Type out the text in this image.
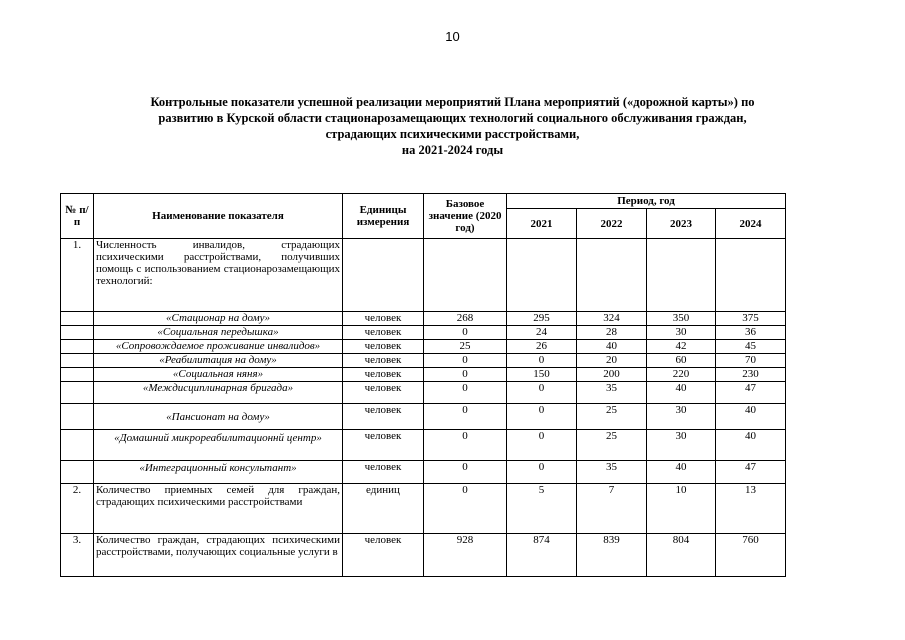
10
Контрольные показатели успешной реализации мероприятий Плана мероприятий («дорожной карты») по
развитию в Курской области стационарозамещающих технологий социального обслуживания граждан,
страдающих психическими расстройствами,
на 2021-2024 годы
№ п/п	Наименование показателя	Единицы измерения	Базовое значение (2020 год)	Период, год			
				2021	2022	2023	2024
1.	Численность инвалидов, страдающих психическими расстройствами, получивших помощь с использованием стационарозамещающих технологий:						
	«Стационар на дому»	человек	268	295	324	350	375
	«Социальная передышка»	человек	0	24	28	30	36
	«Сопровождаемое проживание инвалидов»	человек	25	26	40	42	45
	«Реабилитация на дому»	человек	0	0	20	60	70
	«Социальная няня»	человек	0	150	200	220	230
	«Междисциплинарная бригада»	человек	0	0	35	40	47
	«Пансионат на дому»	человек	0	0	25	30	40
	«Домашний микрореабилитационнй центр»	человек	0	0	25	30	40
	«Интеграционный консультант»	человек	0	0	35	40	47
2.	Количество приемных семей для граждан, страдающих психическими расстройствами	единиц	0	5	7	10	13
3.	Количество граждан, страдающих психическими расстройствами, получающих социальные услуги в	человек	928	874	839	804	760
